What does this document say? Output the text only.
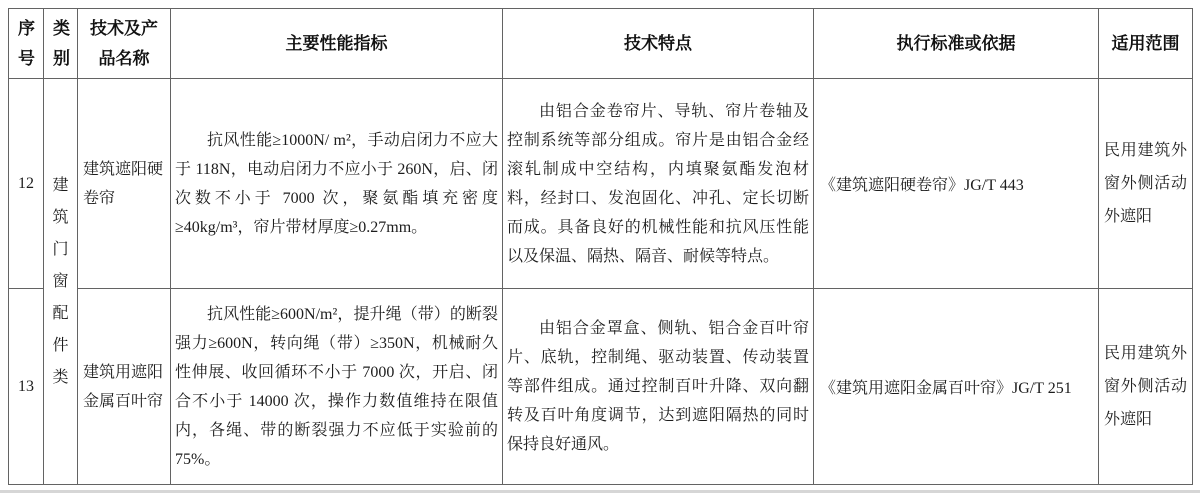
序号	类别	技术及产品名称	主要性能指标	技术特点	执行标准或依据	适用范围
12	建筑门窗配件类	建筑遮阳硬卷帘	抗风性能≥1000N/ m²，手动启闭力不应大于 118N，电动启闭力不应小于 260N，启、闭次数不小于 7000 次，聚氨酯填充密度≥40kg/m³，帘片带材厚度≥0.27mm。	由铝合金卷帘片、导轨、帘片卷轴及控制系统等部分组成。帘片是由铝合金经滚轧制成中空结构，内填聚氨酯发泡材料，经封口、发泡固化、冲孔、定长切断而成。具备良好的机械性能和抗风压性能以及保温、隔热、隔音、耐候等特点。	《建筑遮阳硬卷帘》JG/T 443	民用建筑外窗外侧活动外遮阳
13		建筑用遮阳金属百叶帘	抗风性能≥600N/m²，提升绳（带）的断裂强力≥600N，转向绳（带）≥350N，机械耐久性伸展、收回循环不小于 7000 次，开启、闭合不小于 14000 次，操作力数值维持在限值内，各绳、带的断裂强力不应低于实验前的 75%。	由铝合金罩盒、侧轨、铝合金百叶帘片、底轨，控制绳、驱动装置、传动装置等部件组成。通过控制百叶升降、双向翻转及百叶角度调节，达到遮阳隔热的同时保持良好通风。	《建筑用遮阳金属百叶帘》JG/T 251	民用建筑外窗外侧活动外遮阳
